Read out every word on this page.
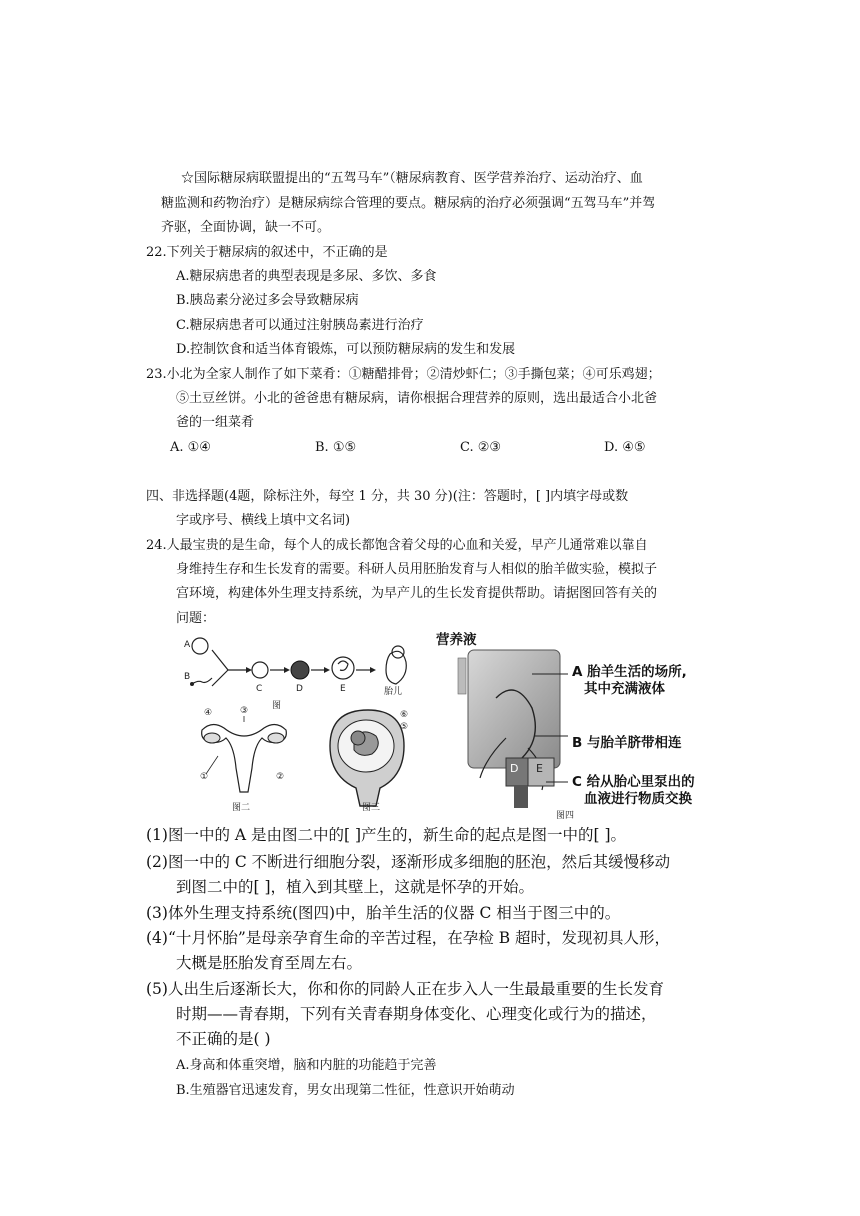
☆国际糖尿病联盟提出的“五驾马车”（糖尿病教育、医学营养治疗、运动治疗、血
糖监测和药物治疗）是糖尿病综合管理的要点。糖尿病的治疗必须强调“五驾马车”并驾
齐驱，全面协调，缺一不可。
22.下列关于糖尿病的叙述中，不正确的是
A.糖尿病患者的典型表现是多尿、多饮、多食
B.胰岛素分泌过多会导致糖尿病
C.糖尿病患者可以通过注射胰岛素进行治疗
D.控制饮食和适当体育锻炼，可以预防糖尿病的发生和发展
23.小北为全家人制作了如下菜肴：①糖醋排骨；②清炒虾仁；③手撕包菜；④可乐鸡翅；
⑤土豆丝饼。小北的爸爸患有糖尿病，请你根据合理营养的原则，选出最适合小北爸
爸的一组菜肴
A. ①④	B. ①⑤	C. ②③	D. ④⑤
四、非选择题(4题，除标注外，每空 1 分，共 30 分)(注：答题时，[ ]内填字母或数
字或序号、横线上填中文名词)
24.人最宝贵的是生命，每个人的成长都饱含着父母的心血和关爱，早产儿通常难以靠自
身维持生存和生长发育的需要。科研人员用胚胎发育与人相似的胎羊做实验，模拟子
宫环境，构建体外生理支持系统，为早产儿的生长发育提供帮助。请据图回答有关的
问题：
A
B
C	D	E	胎儿
图
④	③
①	②
图二
⑥
⑤
图三
营养液
A 胎羊生活的场所,
其中充满液体
B 与胎羊脐带相连
C 给从胎心里泵出的
血液进行物质交换
D E
图四
(1)图一中的 A 是由图二中的[ ]产生的，新生命的起点是图一中的[ ]。
(2)图一中的 C 不断进行细胞分裂，逐渐形成多细胞的胚泡，然后其缓慢移动
到图二中的[ ]，植入到其壁上，这就是怀孕的开始。
(3)体外生理支持系统(图四)中，胎羊生活的仪器 C 相当于图三中的。
(4)“十月怀胎”是母亲孕育生命的辛苦过程，在孕检 B 超时，发现初具人形，
大概是胚胎发育至周左右。
(5)人出生后逐渐长大，你和你的同龄人正在步入人一生最最重要的生长发育
时期——青春期，下列有关青春期身体变化、心理变化或行为的描述，
不正确的是( )
A.身高和体重突增，脑和内脏的功能趋于完善
B.生殖器官迅速发育，男女出现第二性征，性意识开始萌动
